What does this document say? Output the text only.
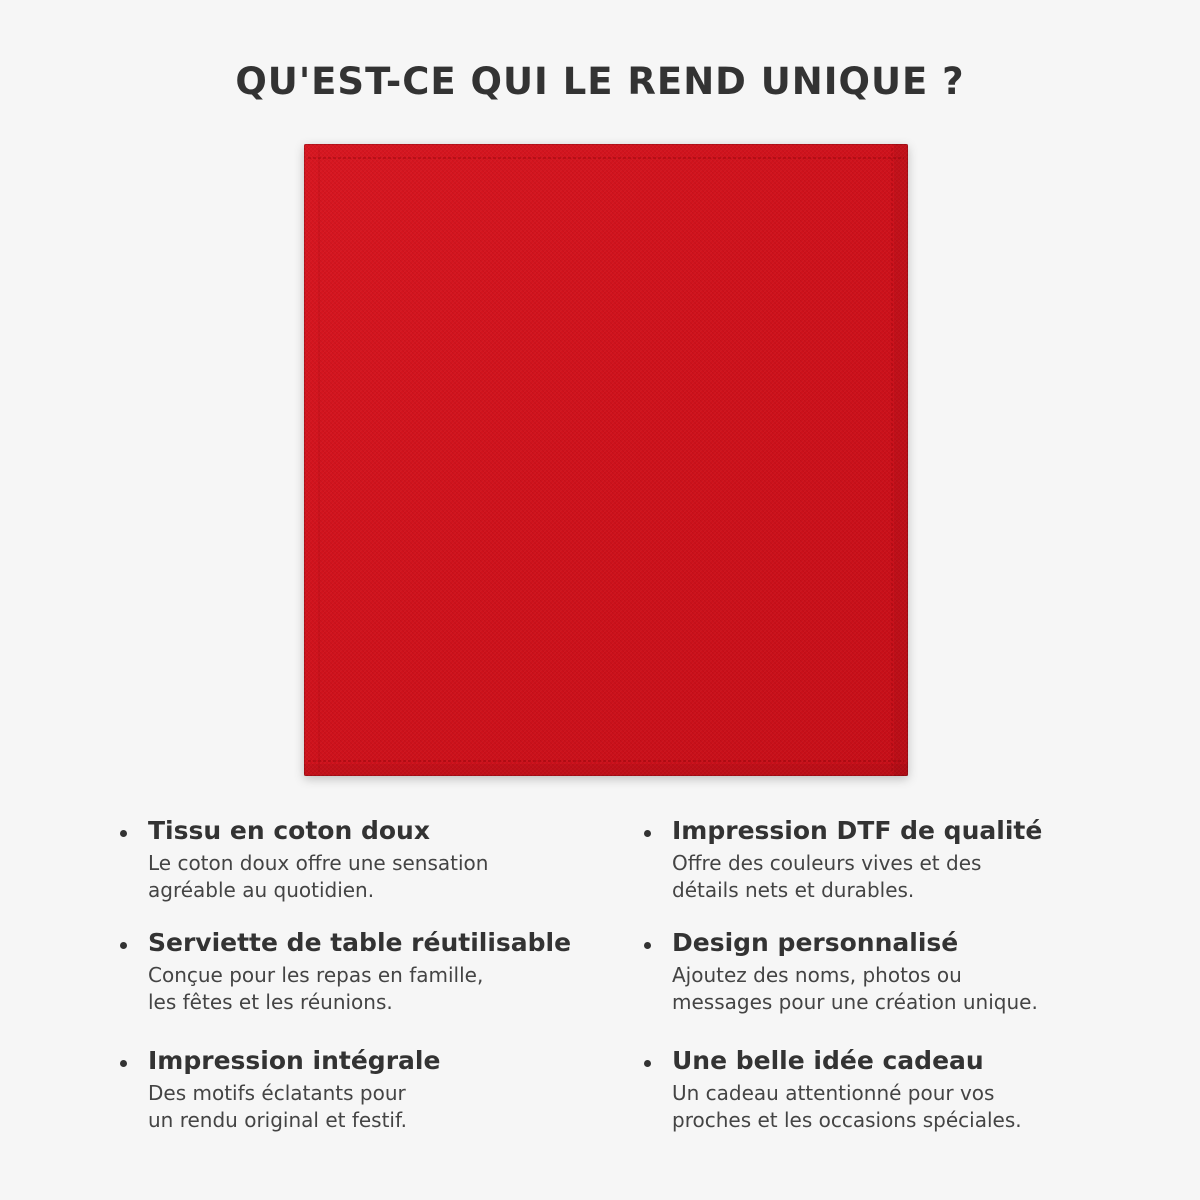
QU'EST-CE QUI LE REND UNIQUE ?
Tissu en coton doux
Le coton doux offre une sensation
agréable au quotidien.
Impression DTF de qualité
Offre des couleurs vives et des
détails nets et durables.
Serviette de table réutilisable
Conçue pour les repas en famille,
les fêtes et les réunions.
Design personnalisé
Ajoutez des noms, photos ou
messages pour une création unique.
Impression intégrale
Des motifs éclatants pour
un rendu original et festif.
Une belle idée cadeau
Un cadeau attentionné pour vos
proches et les occasions spéciales.
